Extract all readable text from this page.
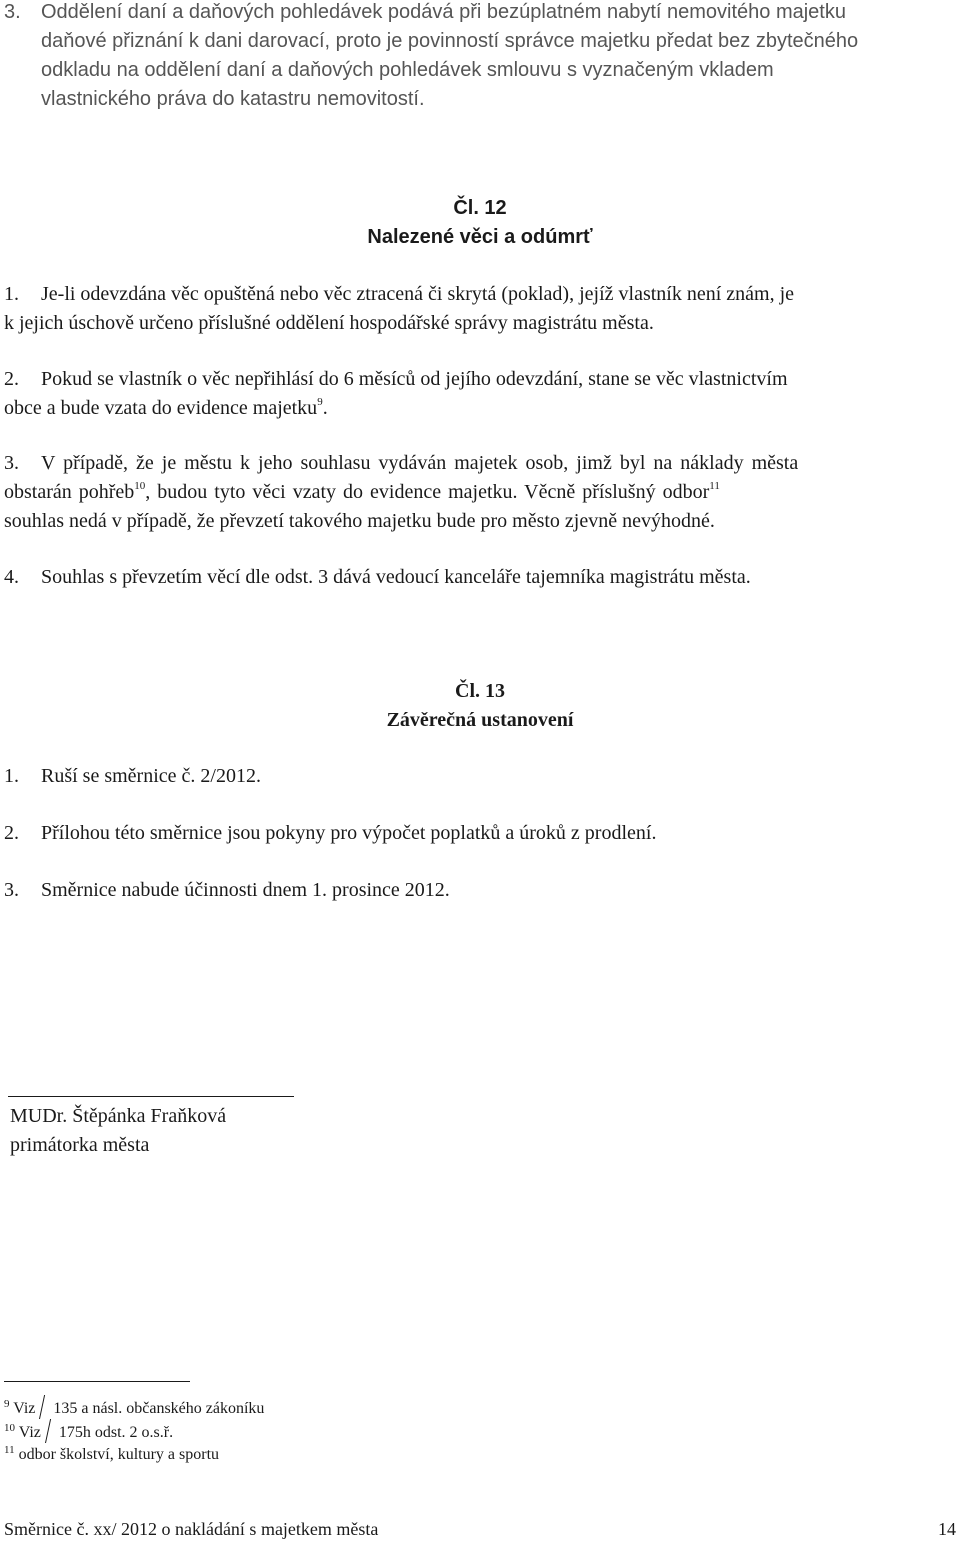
3. Oddělení daní a daňových pohledávek podává při bezúplatném nabytí nemovitého majetku
daňové přiznání k dani darovací, proto je povinností správce majetku předat bez zbytečného
odkladu na oddělení daní a daňových pohledávek smlouvu s vyznačeným vkladem
vlastnického práva do katastru nemovitostí.
Čl. 12
Nalezené věci a odúmrť
1. Je-li odevzdána věc opuštěná nebo věc ztracená či skrytá (poklad), jejíž vlastník není znám, je
k jejich úschově určeno příslušné oddělení hospodářské správy magistrátu města.
2. Pokud se vlastník o věc nepřihlásí do 6 měsíců od jejího odevzdání, stane se věc vlastnictvím
obce a bude vzata do evidence majetku$^9$.
3. V případě, že je městu k jeho souhlasu vydáván majetek osob, jimž byl na náklady města
obstarán pohřeb$^{10}$, budou tyto věci vzaty do evidence majetku. Věcně příslušný odbor$^{11}$
souhlas nedá v případě, že převzetí takového majetku bude pro město zjevně nevýhodné.
4. Souhlas s převzetím věcí dle odst. 3 dává vedoucí kanceláře tajemníka magistrátu města.
Čl. 13
Závěrečná ustanovení
1. Ruší se směrnice č. 2/2012.
2. Přílohou této směrnice jsou pokyny pro výpočet poplatků a úroků z prodlení.
3. Směrnice nabude účinnosti dnem 1. prosince 2012.
MUDr. Štěpánka Fraňková
primátorka města
$^9$ Viz 135 a násl. občanského zákoníku
$^{10}$ Viz 175h odst. 2 o.s.ř.
$^{11}$ odbor školství, kultury a sportu
Směrnice č. xx/ 2012 o nakládání s majetkem města	14
